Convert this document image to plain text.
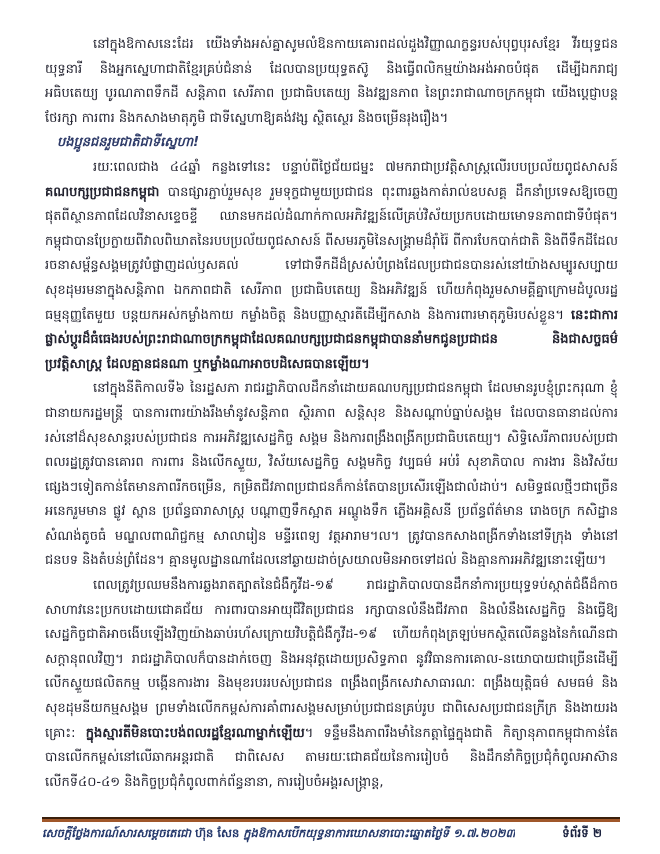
នៅក្នុងឱកាសនេះដែរ យើងទាំងអស់គ្នាសូមលំឱនកាយគោរពដល់ដួងវិញ្ញាណក្ខន្ធរបស់បុព្វបុរសខ្មែរ វីរយុទ្ធជន យុទ្ធនារី និងអ្នកស្នេហាជាតិខ្មែរគ្រប់ជំនាន់ ដែលបានប្រយុទ្ធតស៊ូ និងធ្វើពលិកម្មយ៉ាងអង់អាចបំផុត ដើម្បីឯករាជ្យ អធិបតេយ្យ បូរណភាពទឹកដី សន្តិភាព សេរីភាព ប្រជាធិបតេយ្យ និងវឌ្ឍនភាព នៃព្រះរាជាណាចក្រកម្ពុជា យើងប្តេជ្ញាបន្តថែរក្សា ការពារ និងកសាងមាតុភូមិ ជាទីស្នេហាឱ្យគង់វង្ស ស្ថិតស្ថេរ និងចម្រើនរុងរឿង។

បងប្អូនជនរួមជាតិជាទីស្នេហា!

រយៈពេលជាង ៤៤ឆ្នាំ កន្លងទៅនេះ បន្ទាប់ពីថ្ងៃជ័យជម្នះ ៧មករាជាប្រវត្តិសាស្ត្រលើរបបប្រល័យពូជសាសន៍ គណបក្សប្រជាជនកម្ពុជា បានផ្សារភ្ជាប់រួមសុខ រួមទុក្ខជាមួយប្រជាជន ពុះពារឆ្លងកាត់រាល់ឧបសគ្គ ដឹកនាំប្រទេសឱ្យចេញផុតពីស្ថានភាពដែលវិនាសខ្ទេចខ្ទី ឈានមកដល់ដំណាក់កាលអភិវឌ្ឍន៍លើគ្រប់វិស័យប្រកបដោយមោទនភាពជាទីបំផុត។ កម្ពុជាបានប្រែក្លាយពីវាលពិឃាតនៃរបបប្រល័យពូជសាសន៍ ពីសមរភូមិនៃសង្គ្រាមដ៏រ៉ាំរ៉ៃ ពីការបែកបាក់ជាតិ និងពីទឹកដីដែលរចនាសម្ព័ន្ធសង្គមត្រូវបំផ្លាញដល់ឫសគល់ ទៅជាទឹកដីដ៏ស្រស់បំព្រងដែលប្រជាជនបានរស់នៅយ៉ាងសម្បូរសប្បាយ សុខដុមរមនាក្នុងសន្តិភាព ឯកភាពជាតិ សេរីភាព ប្រជាធិបតេយ្យ និងអភិវឌ្ឍន៍ ហើយកំពុងរួមសាមគ្គីគ្នាក្រោមដំបូលរដ្ឋធម្មនុញ្ញតែមួយ បន្តយកអស់កម្លាំងកាយ កម្លាំងចិត្ត និងបញ្ញាស្មារតីដើម្បីកសាង និងការពារមាតុភូមិរបស់ខ្លួន។ នេះជាការផ្លាស់ប្តូរដ៏ធំធេងរបស់ព្រះរាជាណាចក្រកម្ពុជាដែលគណបក្សប្រជាជនកម្ពុជាបាននាំមកជូនប្រជាជន និងជាសច្ចធម៌ប្រវត្តិសាស្ត្រ ដែលគ្មានជនណា ឬកម្លាំងណាអាចបដិសេធបានឡើយ។

នៅក្នុងនីតិកាលទី៦ នៃរដ្ឋសភា រាជរដ្ឋាភិបាលដឹកនាំដោយគណបក្សប្រជាជនកម្ពុជា ដែលមានរូបខ្ញុំព្រះករុណា ខ្ញុំ ជានាយករដ្ឋមន្ត្រី បានការពារយ៉ាងរឹងមាំនូវសន្តិភាព ស្ថិរភាព សន្តិសុខ និងសណ្តាប់ធ្នាប់សង្គម ដែលបានធានាដល់ការរស់នៅដ៏សុខសាន្តរបស់ប្រជាជន ការអភិវឌ្ឍសេដ្ឋកិច្ច សង្គម និងការពង្រឹងពង្រីកប្រជាធិបតេយ្យ។ សិទ្ធិសេរីភាពរបស់ប្រជាពលរដ្ឋត្រូវបានគោរព ការពារ និងលើកស្ទួយ, វិស័យសេដ្ឋកិច្ច សង្គមកិច្ច វប្បធម៌ អប់រំ សុខាភិបាល ការងារ និងវិស័យផ្សេងៗទៀតកាន់តែមានភាពរីកចម្រើន, កម្រិតជីវភាពប្រជាជនក៏កាន់តែបានប្រសើរឡើងជាលំដាប់។ សមិទ្ធផលថ្មីៗជាច្រើនអនេករួមមាន ផ្លូវ ស្ពាន ប្រព័ន្ធធារាសាស្ត្រ បណ្តាញទឹកស្អាត អណ្តូងទឹក ភ្លើងអគ្គិសនី ប្រព័ន្ធព័ត៌មាន រោងចក្រ កសិដ្ឋាន សំណង់តូចធំ មណ្ឌលពាណិជ្ជកម្ម សាលារៀន មន្ទីរពេទ្យ វត្តអារាម។ល។ ត្រូវបានកសាងពង្រីកទាំងនៅទីក្រុង ទាំងនៅជនបទ និងតំបន់ព្រំដែន។ គ្មានមូលដ្ឋានណាដែលនៅឆ្ងាយដាច់ស្រយាលមិនអាចទៅដល់ និងគ្មានការអភិវឌ្ឍនោះឡើយ។

ពេលត្រូវប្រឈមនឹងការឆ្លងរាតត្បាតនៃជំងឺកូវីដ-១៩ រាជរដ្ឋាភិបាលបានដឹកនាំការប្រយុទ្ធទប់ស្កាត់ជំងឺដ៏កាចសាហាវនេះប្រកបដោយជោគជ័យ ការពារបានអាយុជីវិតប្រជាជន រក្សាបានលំនឹងជីវភាព និងលំនឹងសេដ្ឋកិច្ច និងធ្វើឱ្យសេដ្ឋកិច្ចជាតិអាចងើបឡើងវិញយ៉ាងឆាប់រហ័សក្រោយវិបត្តិជំងឺកូវីដ-១៩ ហើយកំពុងត្រឡប់មកស្ថិតលើគន្លងនៃកំណើនជាសក្តានុពលវិញ។ រាជរដ្ឋាភិបាលក៏បានដាក់ចេញ និងអនុវត្តដោយប្រសិទ្ធភាព នូវវិធានការគោល-នយោបាយជាច្រើនដើម្បីលើកស្ទួយផលិតកម្ម បង្កើនការងារ និងមុខរបររបស់ប្រជាជន ពង្រឹងពង្រីកសេវាសាធារណៈ ពង្រឹងយុត្តិធម៌ សមធម៌ និងសុខដុមនីយកម្មសង្គម ព្រមទាំងលើកកម្ពស់ការគាំពារសង្គមសម្រាប់ប្រជាជនគ្រប់រូប ជាពិសេសប្រជាជនក្រីក្រ និងងាយរងគ្រោះ: ក្នុងស្មារតីមិនបោះបង់ពលរដ្ឋខ្មែរណាម្នាក់ឡើយ។ ទន្ទឹមនឹងភាពរឹងមាំនៃកត្តាផ្ទៃក្នុងជាតិ កិត្យានុភាពកម្ពុជាកាន់តែបានលើកកម្ពស់នៅលើឆាកអន្តរជាតិ ជាពិសេស តាមរយៈជោគជ័យនៃការរៀបចំ និងដឹកនាំកិច្ចប្រជុំកំពូលអាស៊ានលើកទី៤០-៤១ និងកិច្ចប្រជុំកំពូលពាក់ព័ន្ធនានា, ការរៀបចំអង្គរសង្ក្រាន្ត,

សេចក្តីថ្លែងការណ៍សារសម្តេចតេជោ ហ៊ុន សែន ក្នុងឱកាសបើកយុទ្ធនាការឃោសនាបោះឆ្នោតថ្ងៃទី ១.៧.២០២៣	ទំព័រទី ២
